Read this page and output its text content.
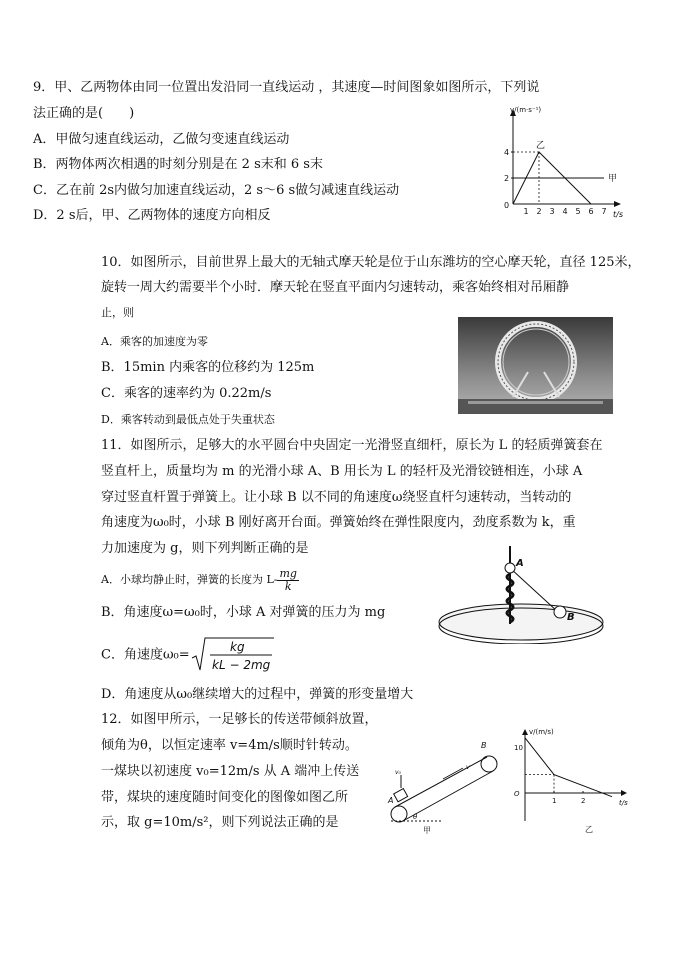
9．甲、乙两物体由同一位置出发沿同一直线运动 ，其速度—时间图象如图所示，下列说
法正确的是(　　)
A．甲做匀速直线运动，乙做匀变速直线运动
B．两物体两次相遇的时刻分别是在 2 s末和 6 s末
C．乙在前 2s内做匀加速直线运动，2 s～6 s做匀减速直线运动
D．2 s后，甲、乙两物体的速度方向相反
v/(m·s⁻¹)
t/s
0
1 2 3 4 5 6 7
2
4
乙
甲
10．如图所示，目前世界上最大的无轴式摩天轮是位于山东潍坊的空心摩天轮，直径 125米，
旋转一周大约需要半个小时．摩天轮在竖直平面内匀速转动，乘客始终相对吊厢静
止，则
A．乘客的加速度为零
B．15min 内乘客的位移约为 125m
C．乘客的速率约为 0.22m/s
D．乘客转动到最低点处于失重状态
11．如图所示，足够大的水平圆台中央固定一光滑竖直细杆，原长为 L 的轻质弹簧套在
竖直杆上，质量均为 m 的光滑小球 A、B 用长为 L 的轻杆及光滑铰链相连，小球 A
穿过竖直杆置于弹簧上。让小球 B 以不同的角速度ω绕竖直杆匀速转动，当转动的
角速度为ω₀时，小球 B 刚好离开台面。弹簧始终在弹性限度内，劲度系数为 k，重
力加速度为 g，则下列判断正确的是
A．小球均静止时，弹簧的长度为 $L- \frac{mg}{k}$
B．角速度ω=ω₀时，小球 A 对弹簧的压力为 mg
C．角速度ω₀=
kg
kL − 2mg
D．角速度从ω₀继续增大的过程中，弹簧的形变量增大
A
B
12．如图甲所示，一足够长的传送带倾斜放置，
倾角为θ，以恒定速率 v=4m/s顺时针转动。
一煤块以初速度 v₀=12m/s 从 A 端冲上传送
带，煤块的速度随时间变化的图像如图乙所
示，取 g=10m/s²，则下列说法正确的是
A
B
v₀
v
θ
甲
v/(m/s)
t/s
O
乙
10
1	2
